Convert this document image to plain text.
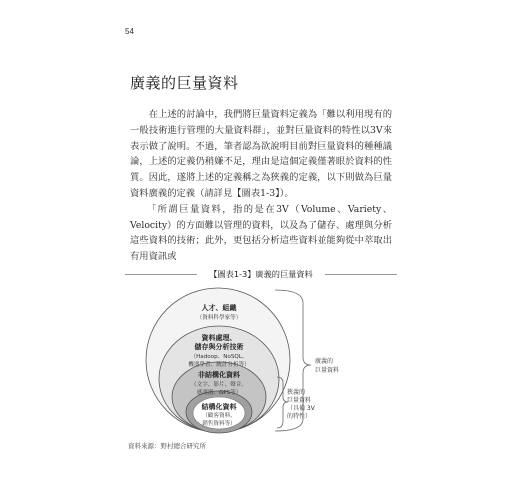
54
廣義的巨量資料

　　在上述的討論中，我們將巨量資料定義為「難以利用現有的一般技術進行管理的大量資料群」，並對巨量資料的特性以3V來表示做了說明。不過，筆者認為欲說明目前對巨量資料的種種議論，上述的定義仍稍嫌不足，理由是這個定義僅著眼於資料的性質。因此，遂將上述的定義稱之為狹義的定義，以下則做為巨量資料廣義的定義（請詳見【圖表1-3】）。

　　「所謂巨量資料，指的是在3V（Volume、Variety、Velocity）的方面難以管理的資料，以及為了儲存、處理與分析這些資料的技術；此外，更包括分析這些資料並能夠從中萃取出有用資訊或

【圖表1-3】廣義的巨量資料
人才、組織
（資料科學家等）
資料處理、
儲存與分析技術
（Hadoop、NoSQL、
機器學習、統計分析等）
非結構化資料
（文字、影片、聲音、
感測器、GPS等）
結構化資料
（顧客資料、
銷售資料等）
廣義的
巨量資料
狹義的
巨量資料
（具備 3V
的特性）
資料來源：野村總合研究所
